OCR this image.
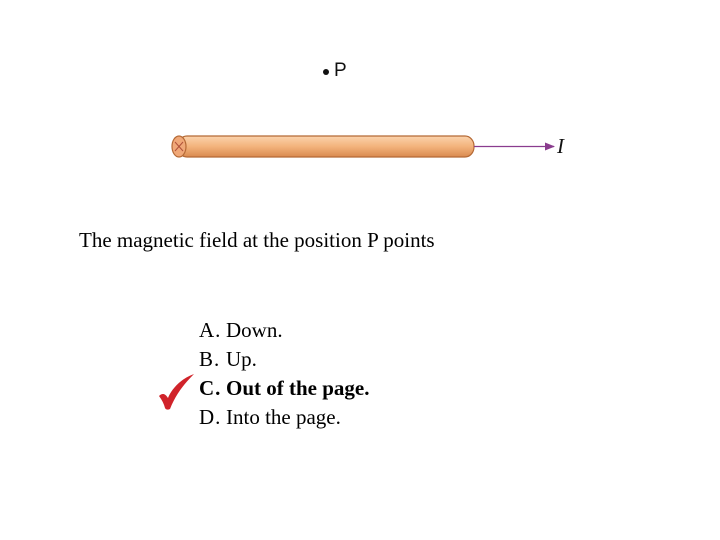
P
I
The magnetic field at the position P points
A. Down.
B. Up.
C. Out of the page.
D. Into the page.
